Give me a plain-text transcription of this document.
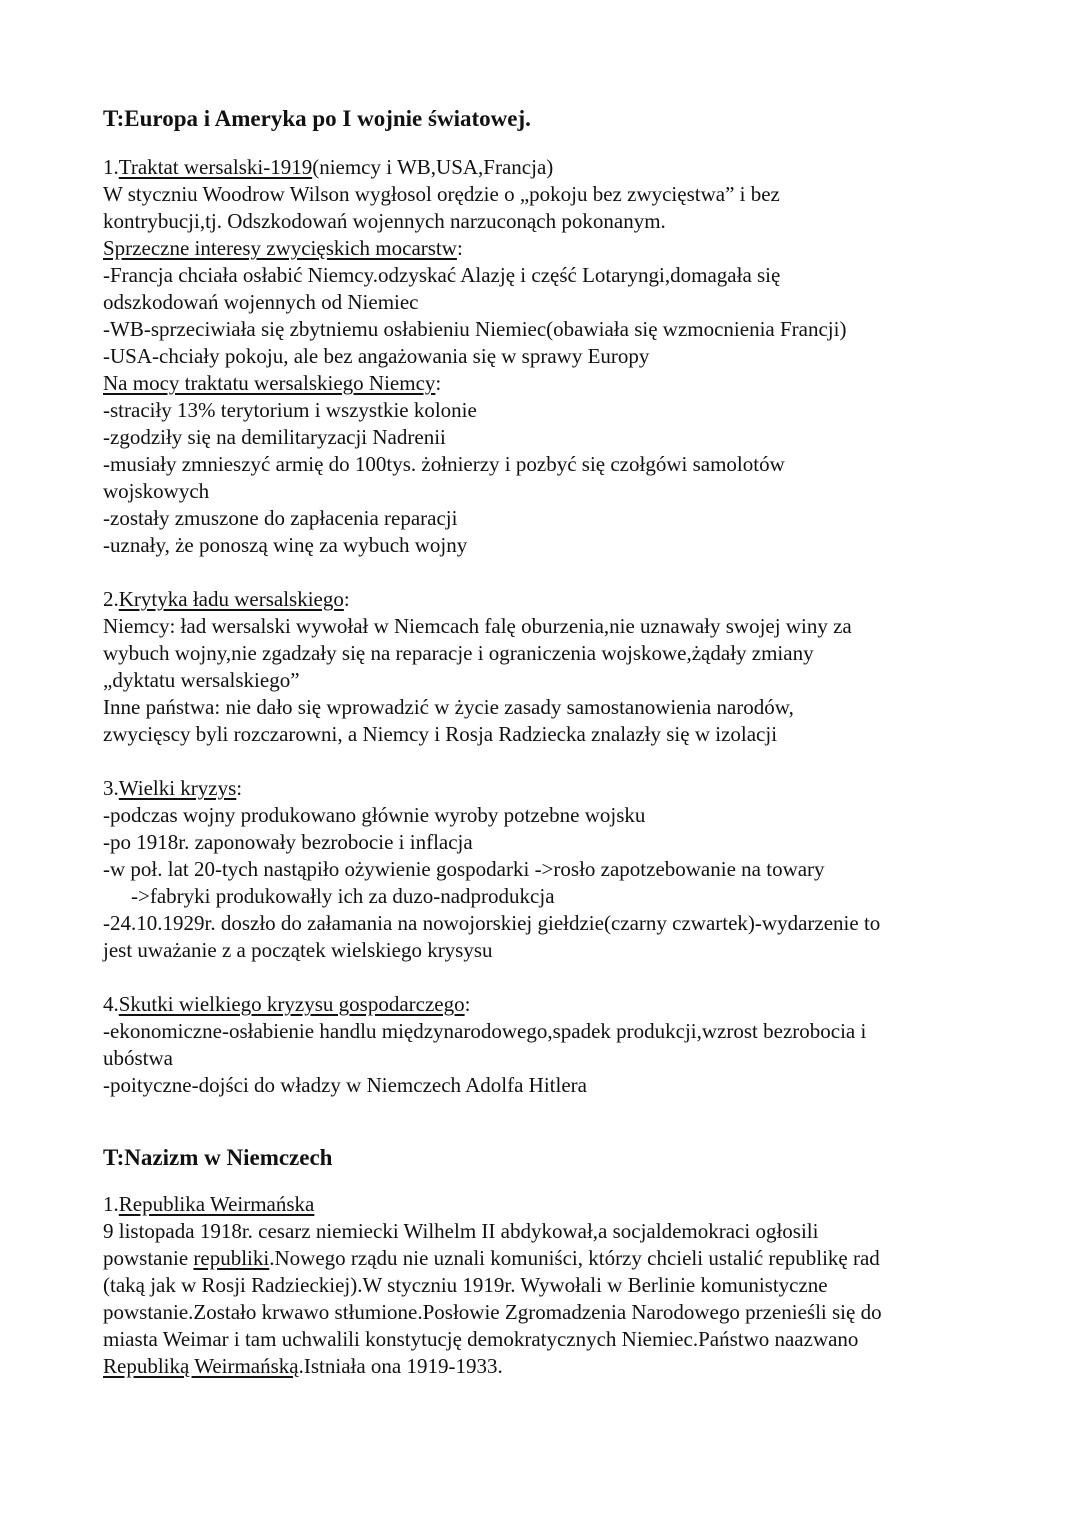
T:Europa i Ameryka po I wojnie światowej.

1.Traktat wersalski-1919(niemcy i WB,USA,Francja)

W styczniu Woodrow Wilson wygłosol orędzie o „pokoju bez zwycięstwa” i bez

kontrybucji,tj. Odszkodowań wojennych narzuconąch pokonanym.

Sprzeczne interesy zwycięskich mocarstw:

-Francja chciała osłabić Niemcy.odzyskać Alazję i część Lotaryngi,domagała się

odszkodowań wojennych od Niemiec

-WB-sprzeciwiała się zbytniemu osłabieniu Niemiec(obawiała się wzmocnienia Francji)

-USA-chciały pokoju, ale bez angażowania się w sprawy Europy

Na mocy traktatu wersalskiego Niemcy:

-straciły 13% terytorium i wszystkie kolonie

-zgodziły się na demilitaryzacji Nadrenii

-musiały zmnieszyć armię do 100tys. żołnierzy i pozbyć się czołgówi samolotów

wojskowych

-zostały zmuszone do zapłacenia reparacji

-uznały, że ponoszą winę za wybuch wojny

2.Krytyka ładu wersalskiego:

Niemcy: ład wersalski wywołał w Niemcach falę oburzenia,nie uznawały swojej winy za

wybuch wojny,nie zgadzały się na reparacje i ograniczenia wojskowe,żądały zmiany

„dyktatu wersalskiego”

Inne państwa: nie dało się wprowadzić w życie zasady samostanowienia narodów,

zwycięscy byli rozczarowni, a Niemcy i Rosja Radziecka znalazły się w izolacji

3.Wielki kryzys:

-podczas wojny produkowano głównie wyroby potzebne wojsku

-po 1918r. zaponowały bezrobocie i inflacja

-w poł. lat 20-tych nastąpiło ożywienie gospodarki ->rosło zapotzebowanie na towary

->fabryki produkowałly ich za duzo-nadprodukcja

-24.10.1929r. doszło do załamania na nowojorskiej giełdzie(czarny czwartek)-wydarzenie to

jest uważanie z a początek wielskiego krysysu

4.Skutki wielkiego kryzysu gospodarczego:

-ekonomiczne-osłabienie handlu międzynarodowego,spadek produkcji,wzrost bezrobocia i

ubóstwa

-poityczne-dojści do władzy w Niemczech Adolfa Hitlera

T:Nazizm w Niemczech

1.Republika Weirmańska

9 listopada 1918r. cesarz niemiecki Wilhelm II abdykował,a socjaldemokraci ogłosili

powstanie republiki.Nowego rządu nie uznali komuniści, którzy chcieli ustalić republikę rad

(taką jak w Rosji Radzieckiej).W styczniu 1919r. Wywołali w Berlinie komunistyczne

powstanie.Zostało krwawo stłumione.Posłowie Zgromadzenia Narodowego przenieśli się do

miasta Weimar i tam uchwalili konstytucję demokratycznych Niemiec.Państwo naazwano

Republiką Weirmańską.Istniała ona 1919-1933.
